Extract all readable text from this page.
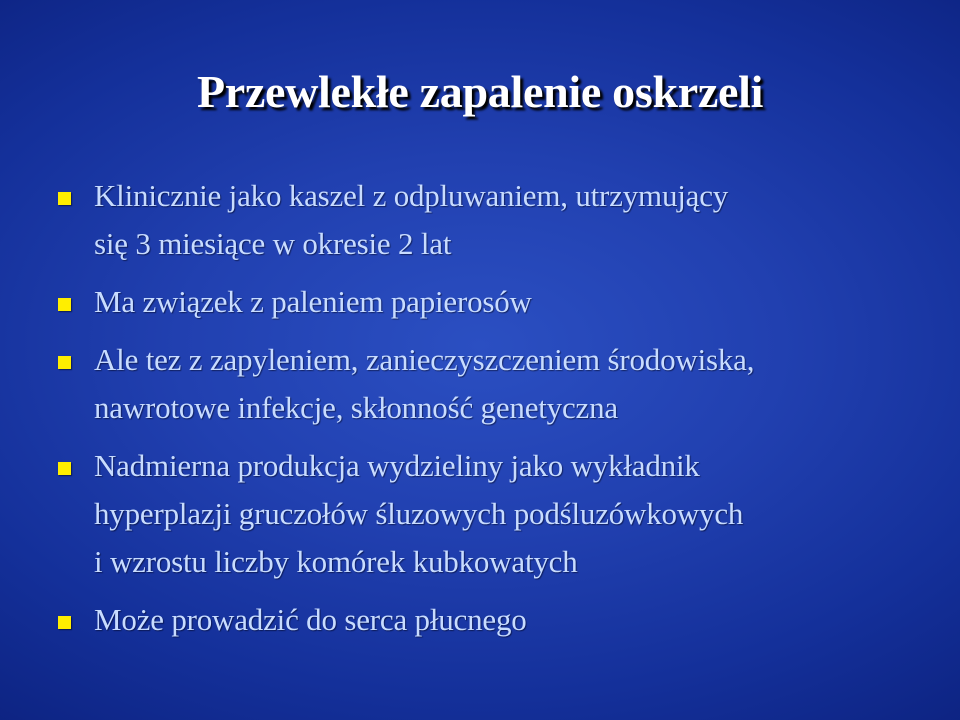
Przewlekłe zapalenie oskrzeli
Klinicznie jako kaszel z odpluwaniem, utrzymujący
się 3 miesiące w okresie 2 lat
Ma związek z paleniem papierosów
Ale tez z zapyleniem, zanieczyszczeniem środowiska,
nawrotowe infekcje, skłonność genetyczna
Nadmierna produkcja wydzieliny jako wykładnik
hyperplazji gruczołów śluzowych podśluzówkowych
i wzrostu liczby komórek kubkowatych
Może prowadzić do serca płucnego
